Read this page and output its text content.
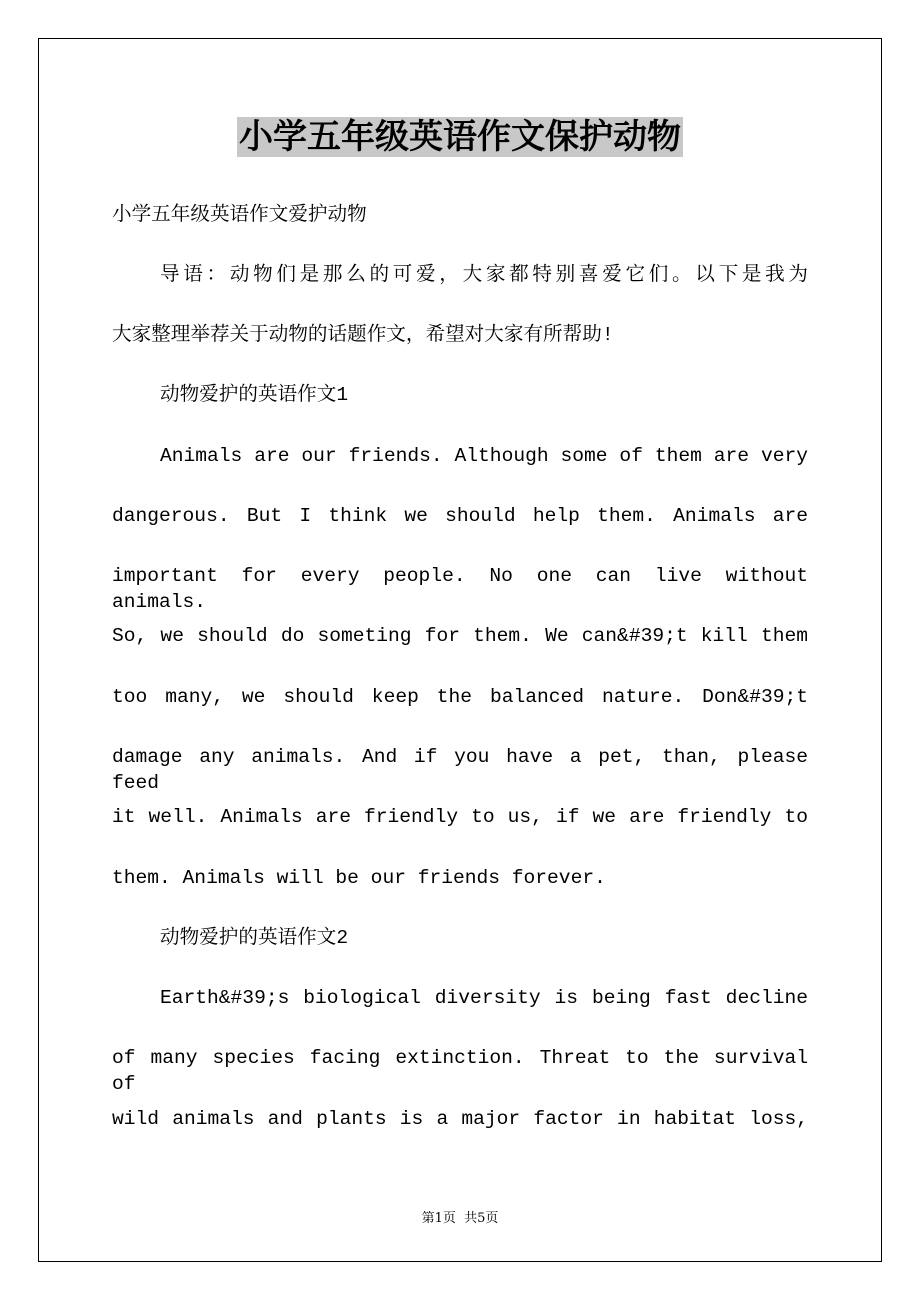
小学五年级英语作文保护动物
小学五年级英语作文爱护动物
导语：动物们是那么的可爱，大家都特别喜爱它们。以下是我为
大家整理举荐关于动物的话题作文，希望对大家有所帮助!
动物爱护的英语作文1
Animals are our friends. Although some of them are very
dangerous. But I think we should help them. Animals are
important for every people. No one can live without animals.
So, we should do someting for them. We can&#39;t kill them
too many, we should keep the balanced nature. Don&#39;t
damage any animals. And if you have a pet, than, please feed
it well. Animals are friendly to us, if we are friendly to
them. Animals will be our friends forever.
动物爱护的英语作文2
Earth&#39;s biological diversity is being fast decline
of many species facing extinction. Threat to the survival of
wild animals and plants is a major factor in habitat loss,
第1页  共5页
